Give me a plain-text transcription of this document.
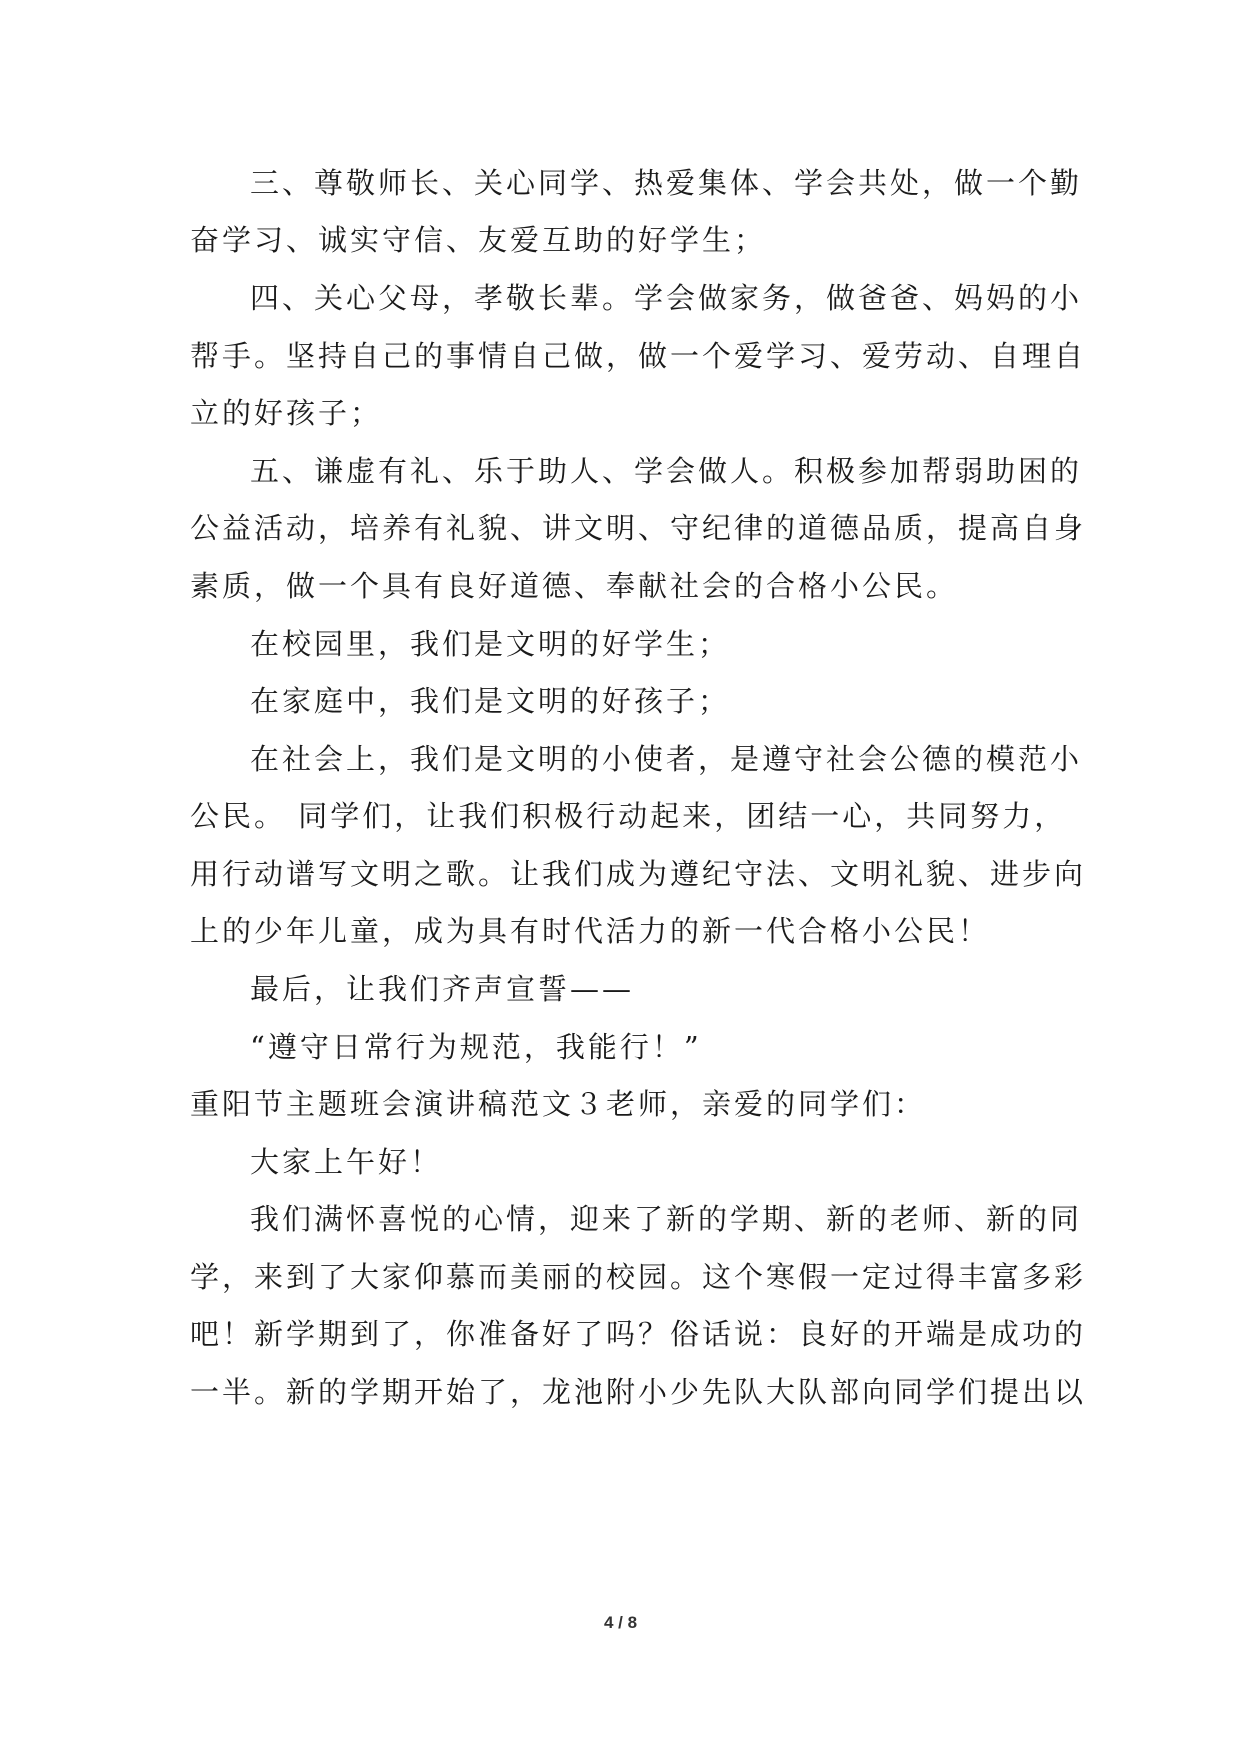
三、尊敬师长、关心同学、热爱集体、学会共处，做一个勤
奋学习、诚实守信、友爱互助的好学生；
四、关心父母，孝敬长辈。学会做家务，做爸爸、妈妈的小
帮手。坚持自己的事情自己做，做一个爱学习、爱劳动、自理自
立的好孩子；
五、谦虚有礼、乐于助人、学会做人。积极参加帮弱助困的
公益活动，培养有礼貌、讲文明、守纪律的道德品质，提高自身
素质，做一个具有良好道德、奉献社会的合格小公民。
在校园里，我们是文明的好学生；
在家庭中，我们是文明的好孩子；
在社会上，我们是文明的小使者，是遵守社会公德的模范小
公民。 同学们，让我们积极行动起来，团结一心，共同努力，
用行动谱写文明之歌。让我们成为遵纪守法、文明礼貌、进步向
上的少年儿童，成为具有时代活力的新一代合格小公民！
最后，让我们齐声宣誓——
“遵守日常行为规范，我能行！”
重阳节主题班会演讲稿范文３老师，亲爱的同学们：
大家上午好！
我们满怀喜悦的心情，迎来了新的学期、新的老师、新的同
学，来到了大家仰慕而美丽的校园。这个寒假一定过得丰富多彩
吧！新学期到了，你准备好了吗？俗话说：良好的开端是成功的
一半。新的学期开始了，龙池附小少先队大队部向同学们提出以
4 / 8
